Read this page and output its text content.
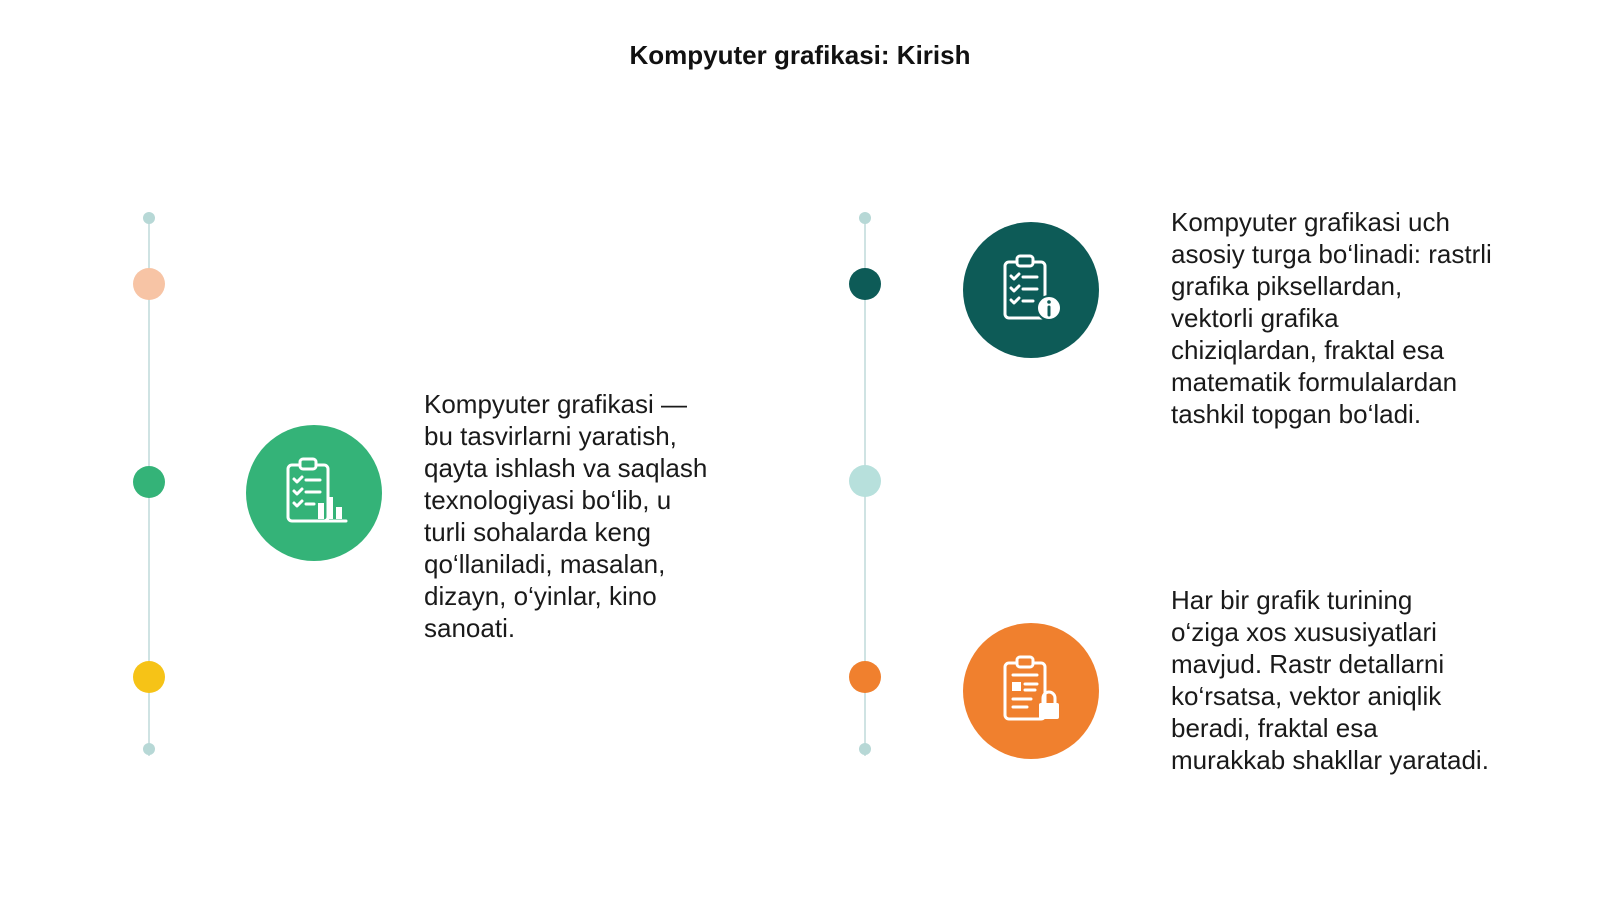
Kompyuter grafikasi: Kirish

Kompyuter grafikasi —
bu tasvirlarni yaratish,
qayta ishlash va saqlash
texnologiyasi bo‘lib, u
turli sohalarda keng
qo‘llaniladi, masalan,
dizayn, o‘yinlar, kino
sanoati.

Kompyuter grafikasi uch
asosiy turga bo‘linadi: rastrli
grafika piksellardan,
vektorli grafika
chiziqlardan, fraktal esa
matematik formulalardan
tashkil topgan bo‘ladi.

Har bir grafik turining
o‘ziga xos xususiyatlari
mavjud. Rastr detallarni
ko‘rsatsa, vektor aniqlik
beradi, fraktal esa
murakkab shakllar yaratadi.
